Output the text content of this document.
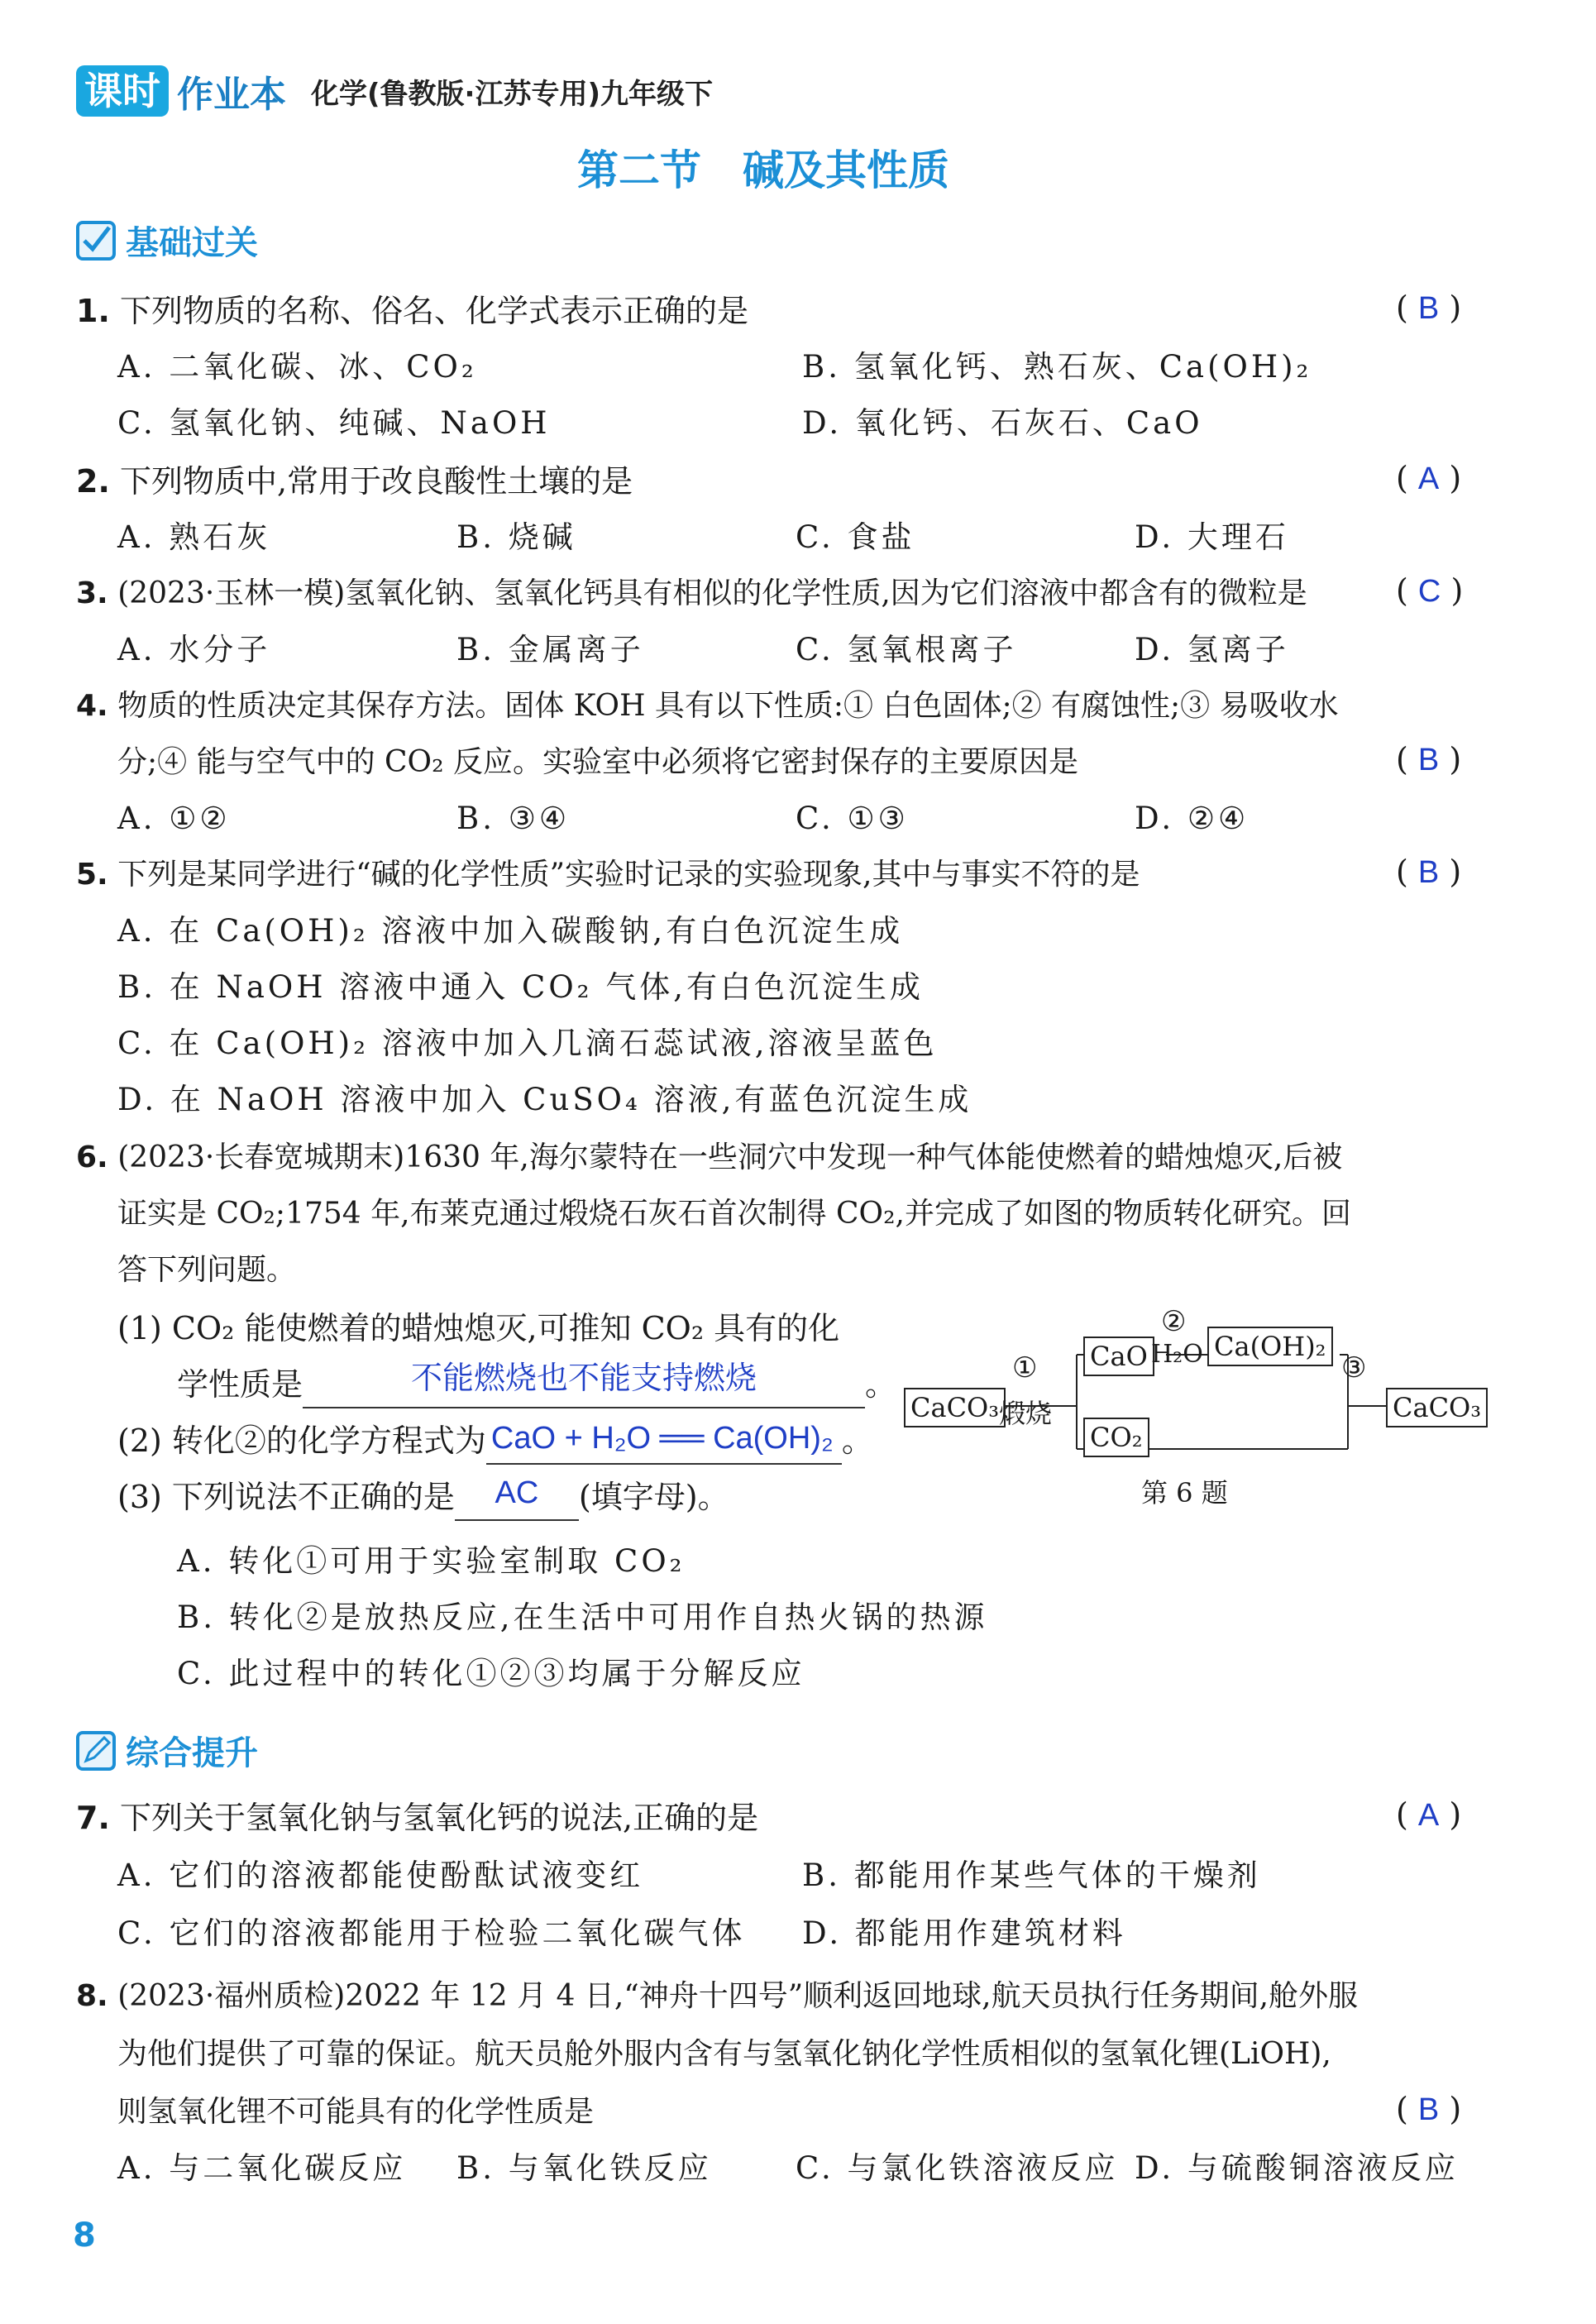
课时 作业本 化学(鲁教版·江苏专用)九年级下
第二节　碱及其性质
基础过关
1. 下列物质的名称、俗名、化学式表示正确的是	( B )
A. 二氧化碳、冰、CO₂	B. 氢氧化钙、熟石灰、Ca(OH)₂
C. 氢氧化钠、纯碱、NaOH	D. 氧化钙、石灰石、CaO
2. 下列物质中,常用于改良酸性土壤的是	( A )
A. 熟石灰	B. 烧碱	C. 食盐	D. 大理石
3. (2023·玉林一模)氢氧化钠、氢氧化钙具有相似的化学性质,因为它们溶液中都含有的微粒是	( C )
A. 水分子	B. 金属离子	C. 氢氧根离子	D. 氢离子
4. 物质的性质决定其保存方法。固体 KOH 具有以下性质:① 白色固体;② 有腐蚀性;③ 易吸收水
分;④ 能与空气中的 CO₂ 反应。实验室中必须将它密封保存的主要原因是	( B )
A. ①②	B. ③④	C. ①③	D. ②④
5. 下列是某同学进行“碱的化学性质”实验时记录的实验现象,其中与事实不符的是	( B )
A. 在 Ca(OH)₂ 溶液中加入碳酸钠,有白色沉淀生成
B. 在 NaOH 溶液中通入 CO₂ 气体,有白色沉淀生成
C. 在 Ca(OH)₂ 溶液中加入几滴石蕊试液,溶液呈蓝色
D. 在 NaOH 溶液中加入 CuSO₄ 溶液,有蓝色沉淀生成
6. (2023·长春宽城期末)1630 年,海尔蒙特在一些洞穴中发现一种气体能使燃着的蜡烛熄灭,后被
证实是 CO₂;1754 年,布莱克通过煅烧石灰石首次制得 CO₂,并完成了如图的物质转化研究。回
答下列问题。
(1) CO₂ 能使燃着的蜡烛熄灭,可推知 CO₂ 具有的化
学性质是	不能燃烧也不能支持燃烧	。
(2) 转化②的化学方程式为 CaO + H₂O ══ Ca(OH)₂ 。
(3) 下列说法不正确的是 AC (填字母)。
A. 转化①可用于实验室制取 CO₂
B. 转化②是放热反应,在生活中可用作自热火锅的热源
C. 此过程中的转化①②③均属于分解反应
CaCO₃
①
煅烧
CaO
②
H₂O Ca(OH)₂
CO₂
③
CaCO₃
第 6 题
综合提升
7. 下列关于氢氧化钠与氢氧化钙的说法,正确的是	( A )
A. 它们的溶液都能使酚酞试液变红	B. 都能用作某些气体的干燥剂
C. 它们的溶液都能用于检验二氧化碳气体 D. 都能用作建筑材料
8. (2023·福州质检)2022 年 12 月 4 日,“神舟十四号”顺利返回地球,航天员执行任务期间,舱外服
为他们提供了可靠的保证。航天员舱外服内含有与氢氧化钠化学性质相似的氢氧化锂(LiOH),
则氢氧化锂不可能具有的化学性质是	( B )
A. 与二氧化碳反应 B. 与氧化铁反应	C. 与氯化铁溶液反应 D. 与硫酸铜溶液反应
8
